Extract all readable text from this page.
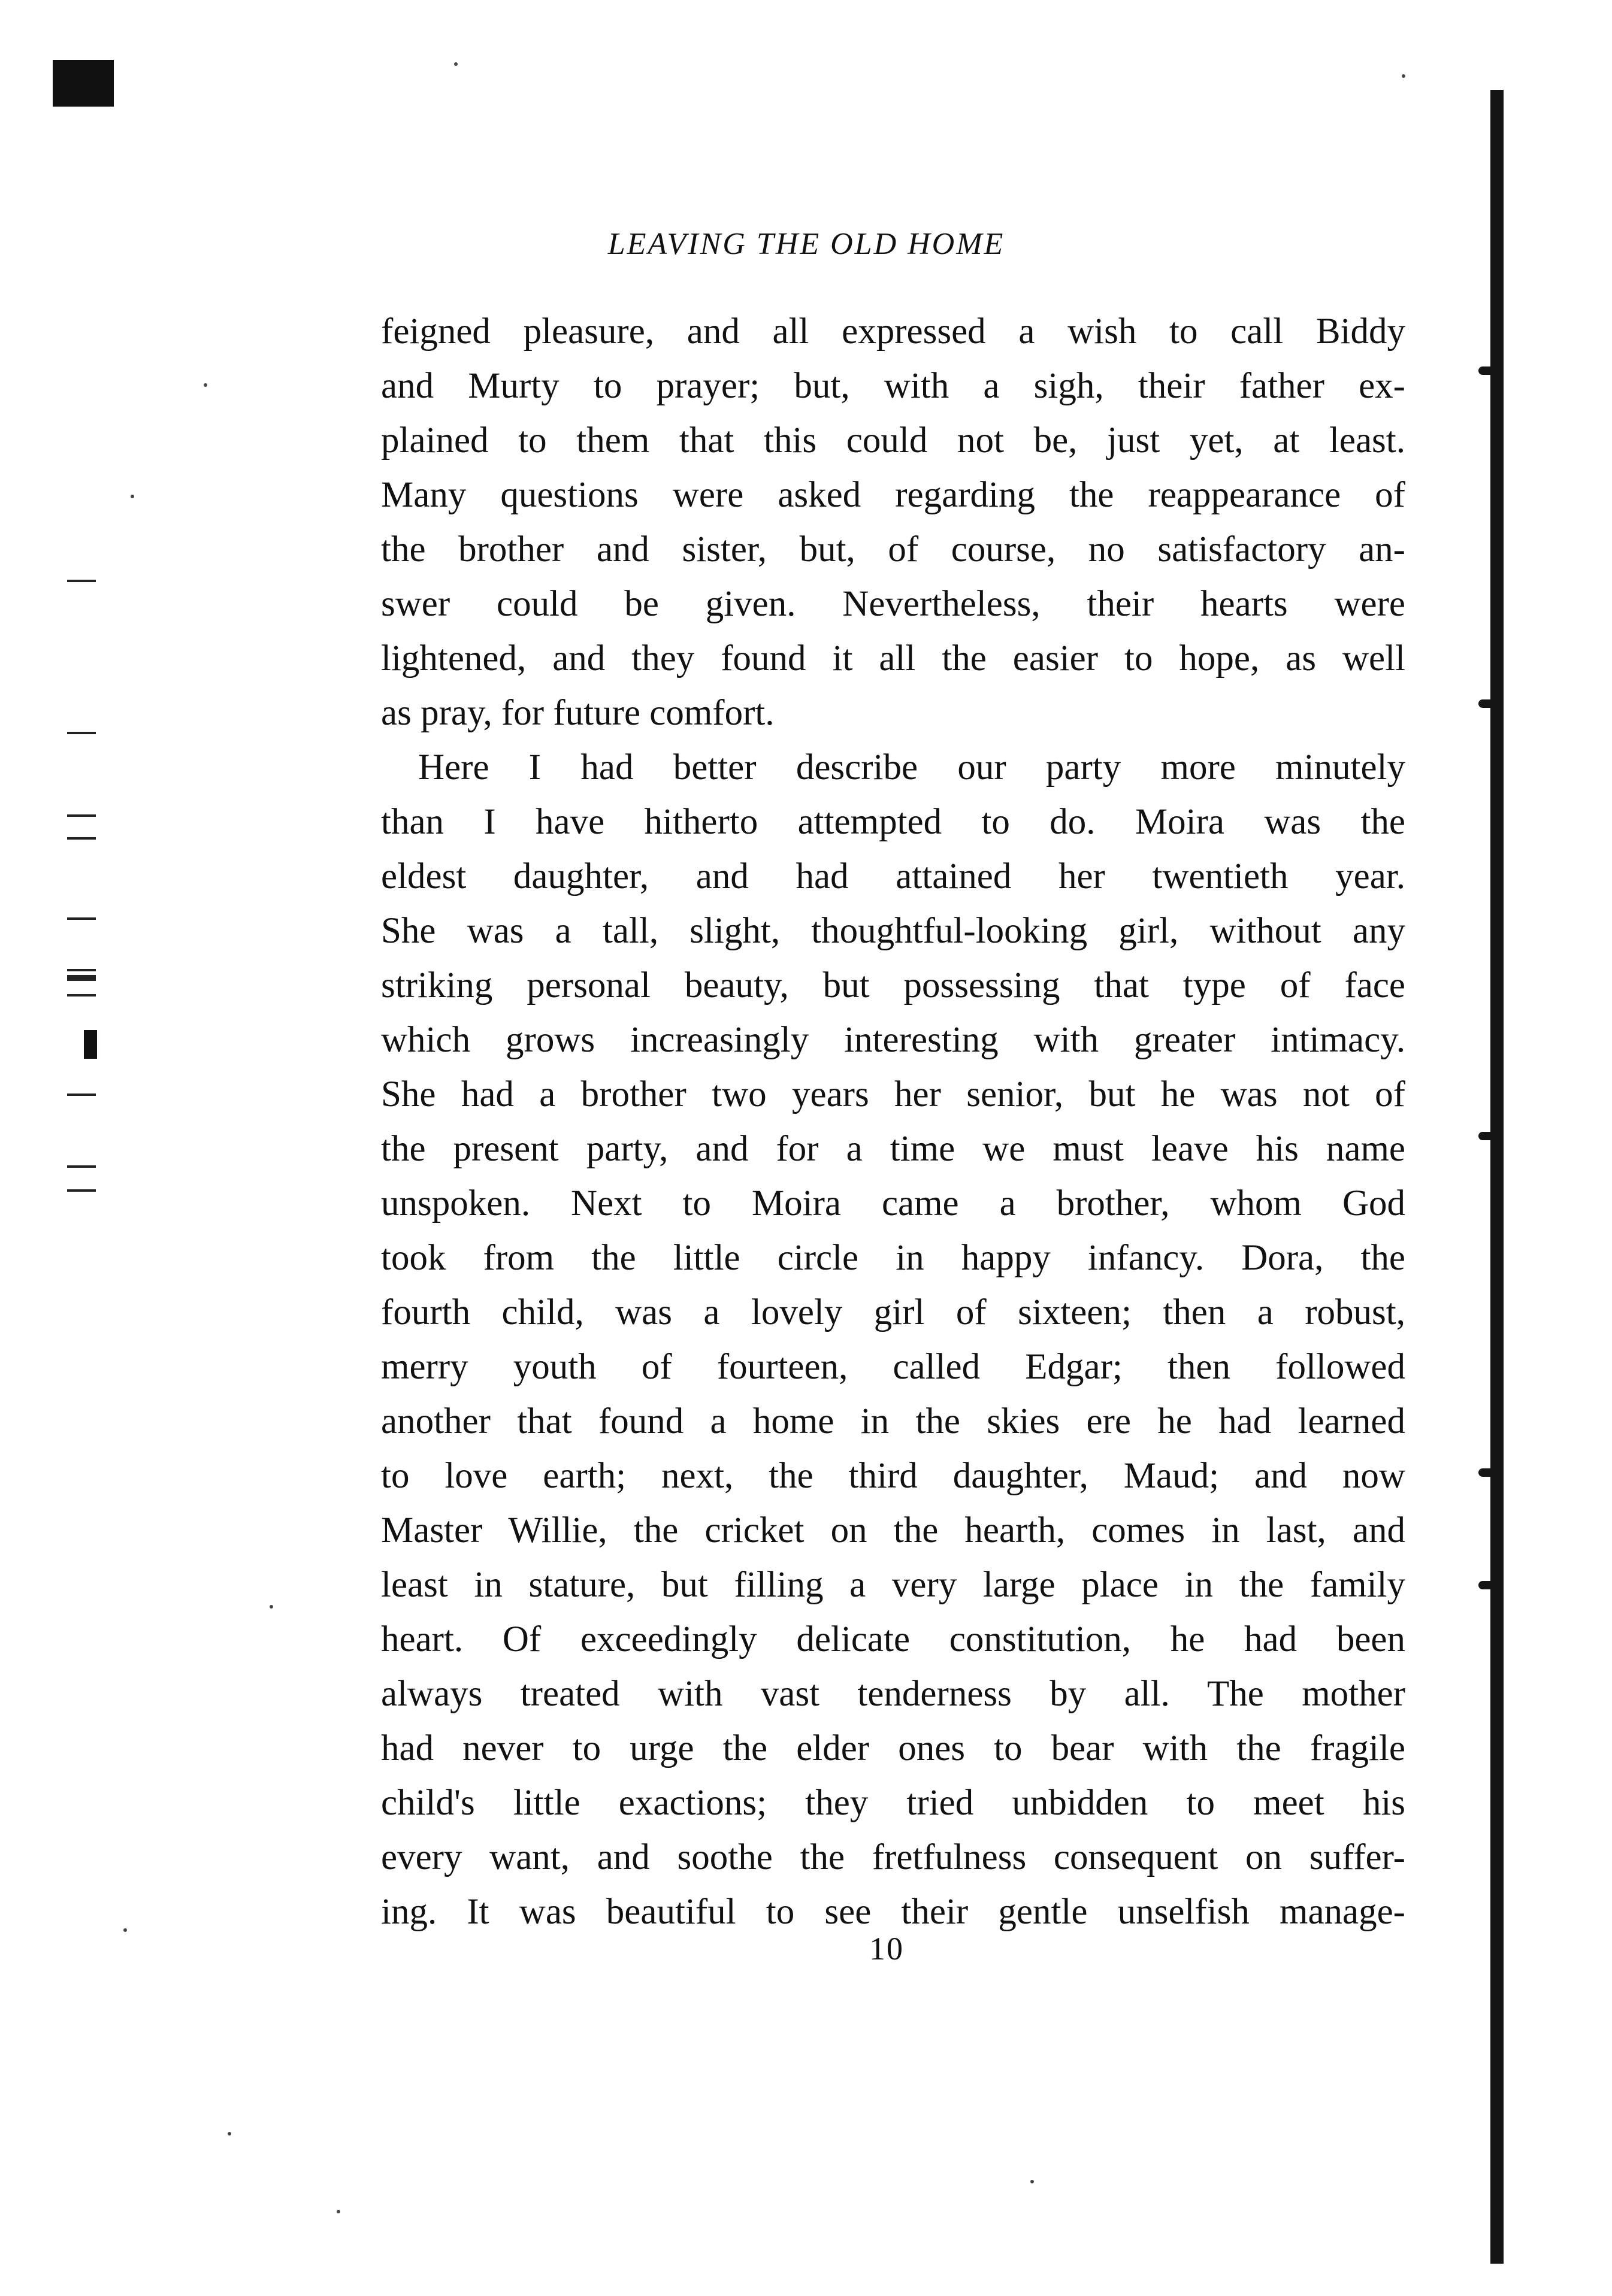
LEAVING THE OLD HOME
feigned pleasure, and all expressed a wish to call Biddy
and Murty to prayer; but, with a sigh, their father ex-
plained to them that this could not be, just yet, at least.
Many questions were asked regarding the reappearance of
the brother and sister, but, of course, no satisfactory an-
swer could be given. Nevertheless, their hearts were
lightened, and they found it all the easier to hope, as well
as pray, for future comfort.
Here I had better describe our party more minutely
than I have hitherto attempted to do. Moira was the
eldest daughter, and had attained her twentieth year.
She was a tall, slight, thoughtful-looking girl, without any
striking personal beauty, but possessing that type of face
which grows increasingly interesting with greater intimacy.
She had a brother two years her senior, but he was not of
the present party, and for a time we must leave his name
unspoken. Next to Moira came a brother, whom God
took from the little circle in happy infancy. Dora, the
fourth child, was a lovely girl of sixteen; then a robust,
merry youth of fourteen, called Edgar; then followed
another that found a home in the skies ere he had learned
to love earth; next, the third daughter, Maud; and now
Master Willie, the cricket on the hearth, comes in last, and
least in stature, but filling a very large place in the family
heart. Of exceedingly delicate constitution, he had been
always treated with vast tenderness by all. The mother
had never to urge the elder ones to bear with the fragile
child's little exactions; they tried unbidden to meet his
every want, and soothe the fretfulness consequent on suffer-
ing. It was beautiful to see their gentle unselfish manage-
10
